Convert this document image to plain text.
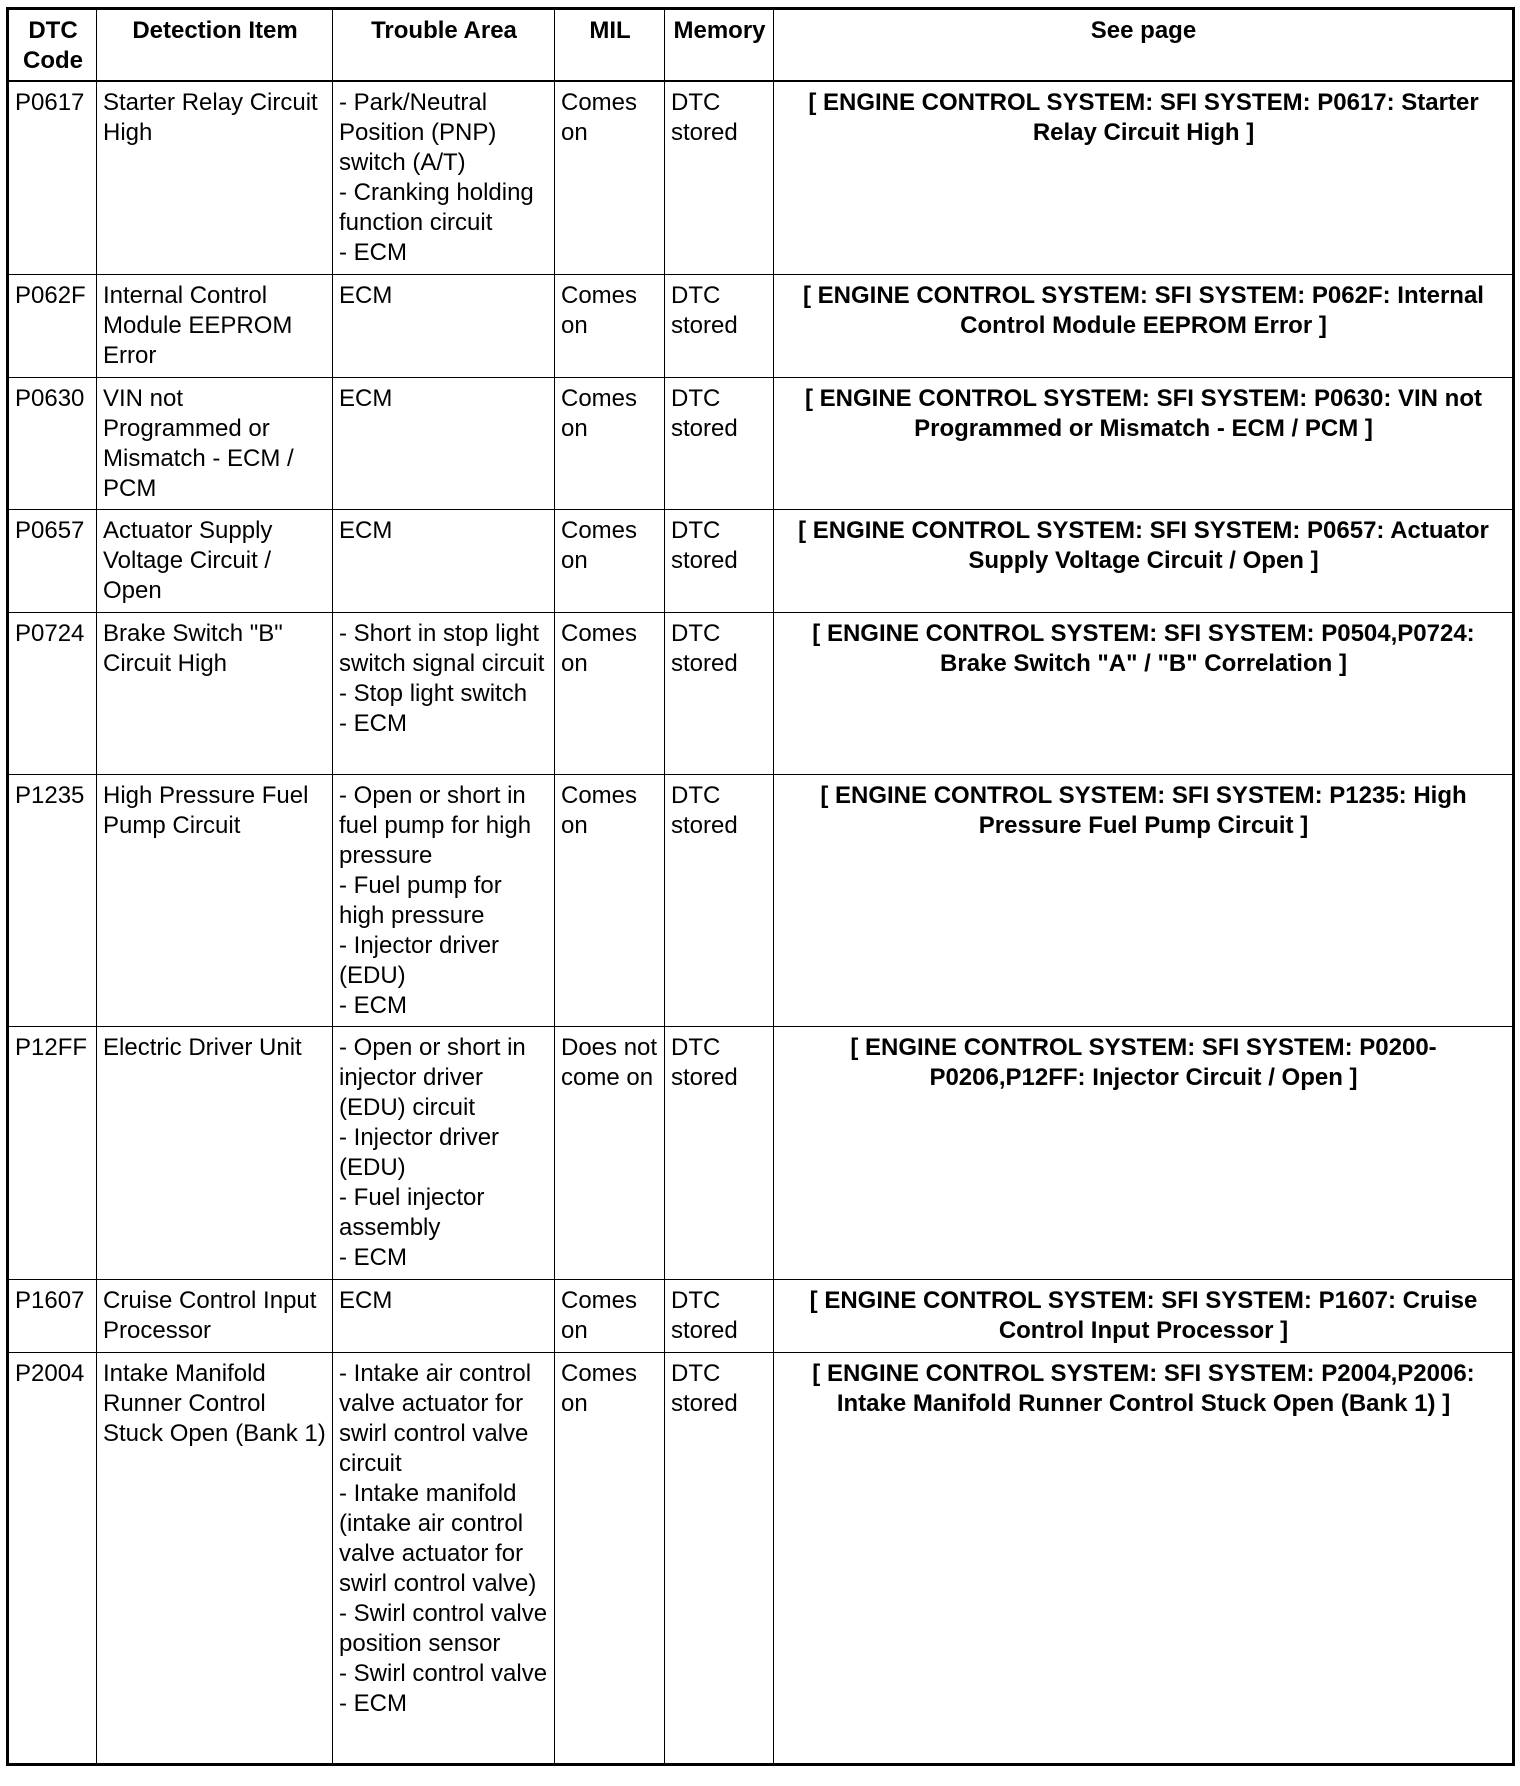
DTC Code	Detection Item	Trouble Area	MIL	Memory	See page
P0617	Starter Relay Circuit High	- Park/Neutral Position (PNP) switch (A/T)
- Cranking holding function circuit
- ECM	Comes on	DTC stored	[ ENGINE CONTROL SYSTEM: SFI SYSTEM: P0617: Starter Relay Circuit High ]
P062F	Internal Control Module EEPROM Error	ECM	Comes on	DTC stored	[ ENGINE CONTROL SYSTEM: SFI SYSTEM: P062F: Internal Control Module EEPROM Error ]
P0630	VIN not Programmed or Mismatch - ECM / PCM	ECM	Comes on	DTC stored	[ ENGINE CONTROL SYSTEM: SFI SYSTEM: P0630: VIN not Programmed or Mismatch - ECM / PCM ]
P0657	Actuator Supply Voltage Circuit / Open	ECM	Comes on	DTC stored	[ ENGINE CONTROL SYSTEM: SFI SYSTEM: P0657: Actuator Supply Voltage Circuit / Open ]
P0724	Brake Switch "B" Circuit High	- Short in stop light switch signal circuit
- Stop light switch
- ECM	Comes on	DTC stored	[ ENGINE CONTROL SYSTEM: SFI SYSTEM: P0504,P0724: Brake Switch "A" / "B" Correlation ]
P1235	High Pressure Fuel Pump Circuit	- Open or short in fuel pump for high pressure
- Fuel pump for high pressure
- Injector driver (EDU)
- ECM	Comes on	DTC stored	[ ENGINE CONTROL SYSTEM: SFI SYSTEM: P1235: High Pressure Fuel Pump Circuit ]
P12FF	Electric Driver Unit	- Open or short in injector driver (EDU) circuit
- Injector driver (EDU)
- Fuel injector assembly
- ECM	Does not come on	DTC stored	[ ENGINE CONTROL SYSTEM: SFI SYSTEM: P0200-P0206,P12FF: Injector Circuit / Open ]
P1607	Cruise Control Input Processor	ECM	Comes on	DTC stored	[ ENGINE CONTROL SYSTEM: SFI SYSTEM: P1607: Cruise Control Input Processor ]
P2004	Intake Manifold Runner Control Stuck Open (Bank 1)	- Intake air control valve actuator for swirl control valve circuit
- Intake manifold (intake air control valve actuator for swirl control valve)
- Swirl control valve position sensor
- Swirl control valve
- ECM	Comes on	DTC stored	[ ENGINE CONTROL SYSTEM: SFI SYSTEM: P2004,P2006: Intake Manifold Runner Control Stuck Open (Bank 1) ]
